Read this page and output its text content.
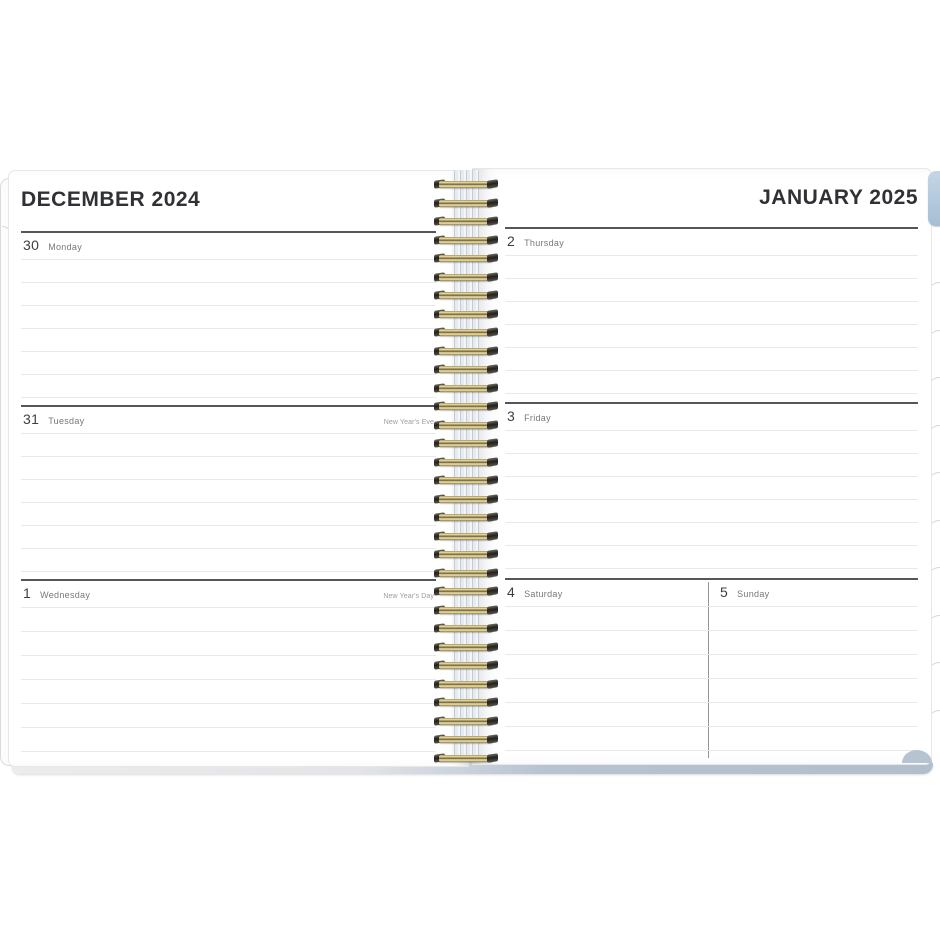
DECEMBER 2024
30 Monday
31 Tuesday	New Year's Eve
1 Wednesday	New Year's Day
JANUARY 2025
2 Thursday
3 Friday
4 Saturday	5 Sunday
